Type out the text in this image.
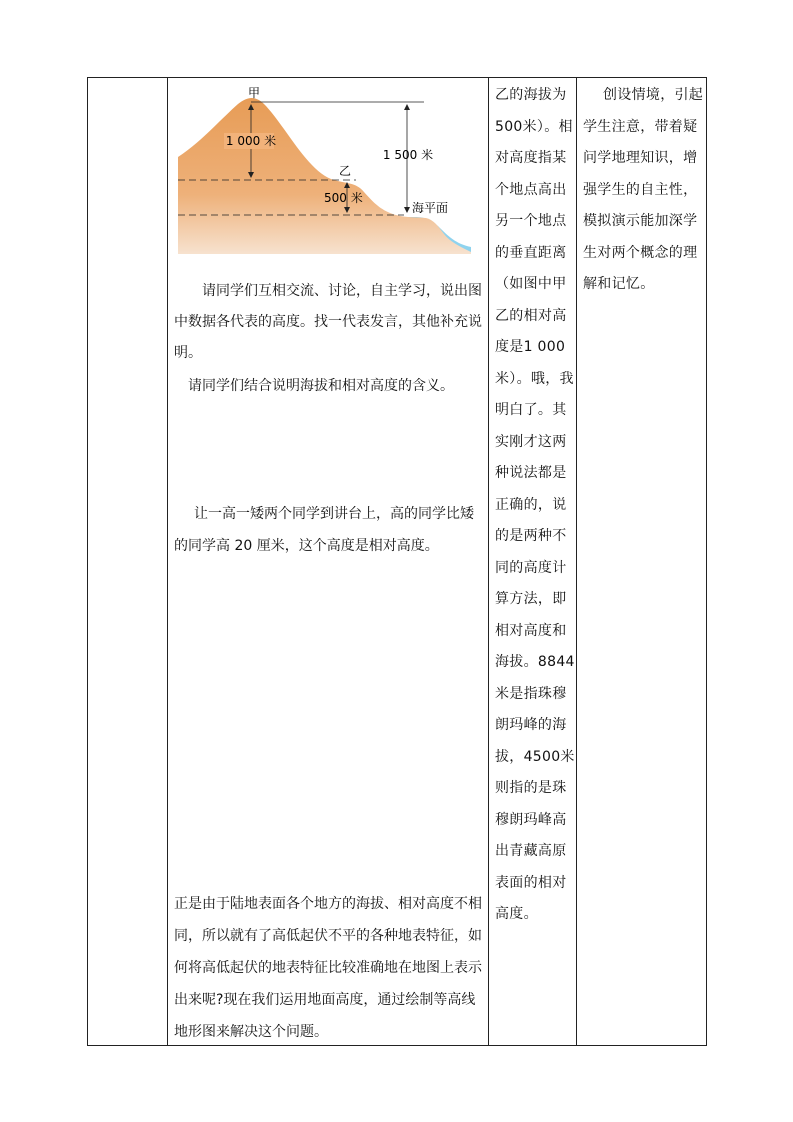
1 000 米
甲
乙
1 500 米
500 米
海平面
请同学们互相交流、讨论，自主学习，说出图中数据各代表的高度。找一代表发言，其他补充说明。
请同学们结合说明海拔和相对高度的含义。
让一高一矮两个同学到讲台上，高的同学比矮的同学高 20 厘米，这个高度是相对高度。
正是由于陆地表面各个地方的海拔、相对高度不相同，所以就有了高低起伏不平的各种地表特征，如何将高低起伏的地表特征比较准确地在地图上表示出来呢?现在我们运用地面高度，通过绘制等高线地形图来解决这个问题。
乙的海拔为500米）。相对高度指某个地点高出另一个地点的垂直距离（如图中甲乙的相对高度是1 000米）。哦，我明白了。其实刚才这两种说法都是正确的，说的是两种不同的高度计算方法，即相对高度和海拔。8844米是指珠穆朗玛峰的海拔，4500米则指的是珠穆朗玛峰高出青藏高原表面的相对高度。
创设情境，引起学生注意，带着疑问学地理知识，增强学生的自主性，模拟演示能加深学生对两个概念的理解和记忆。
